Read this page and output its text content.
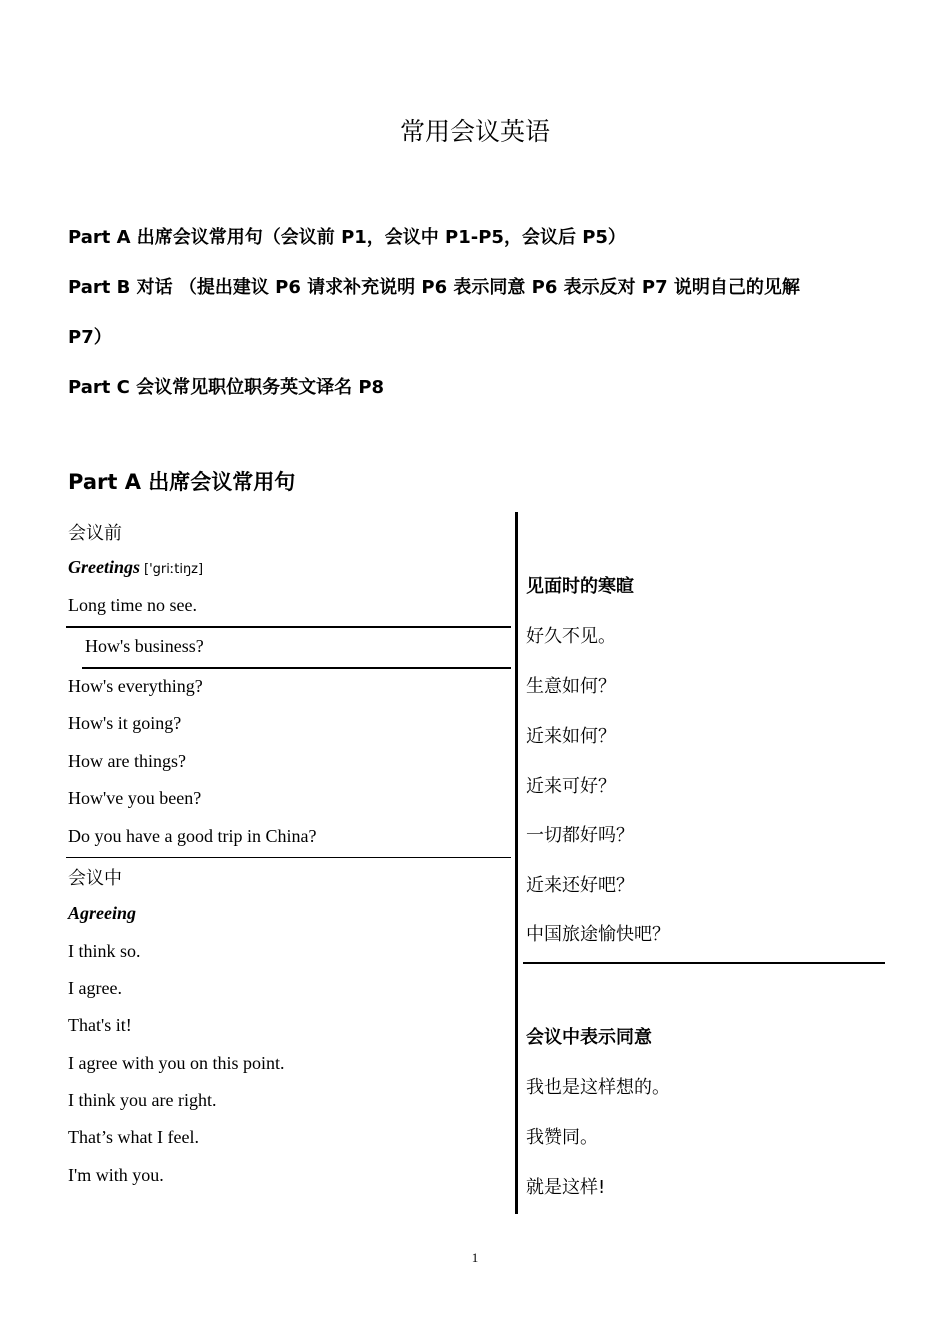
常用会议英语
Part A 出席会议常用句（会议前 P1，会议中 P1-P5，会议后 P5）
Part B 对话 （提出建议 P6 请求补充说明 P6 表示同意 P6 表示反对 P7 说明自己的见解
P7）
Part C 会议常见职位职务英文译名 P8
Part A 出席会议常用句
会议前
Greetings ['griːtiŋz]
Long time no see.
How's business?
How's everything?
How's it going?
How are things?
How've you been?
Do you have a good trip in China?
会议中
Agreeing
I think so.
I agree.
That's it!
I agree with you on this point.
I think you are right.
That’s what I feel.
I'm with you.
见面时的寒暄
好久不见。
生意如何？
近来如何？
近来可好？
一切都好吗？
近来还好吧？
中国旅途愉快吧？
会议中表示同意
我也是这样想的。
我赞同。
就是这样!
1
